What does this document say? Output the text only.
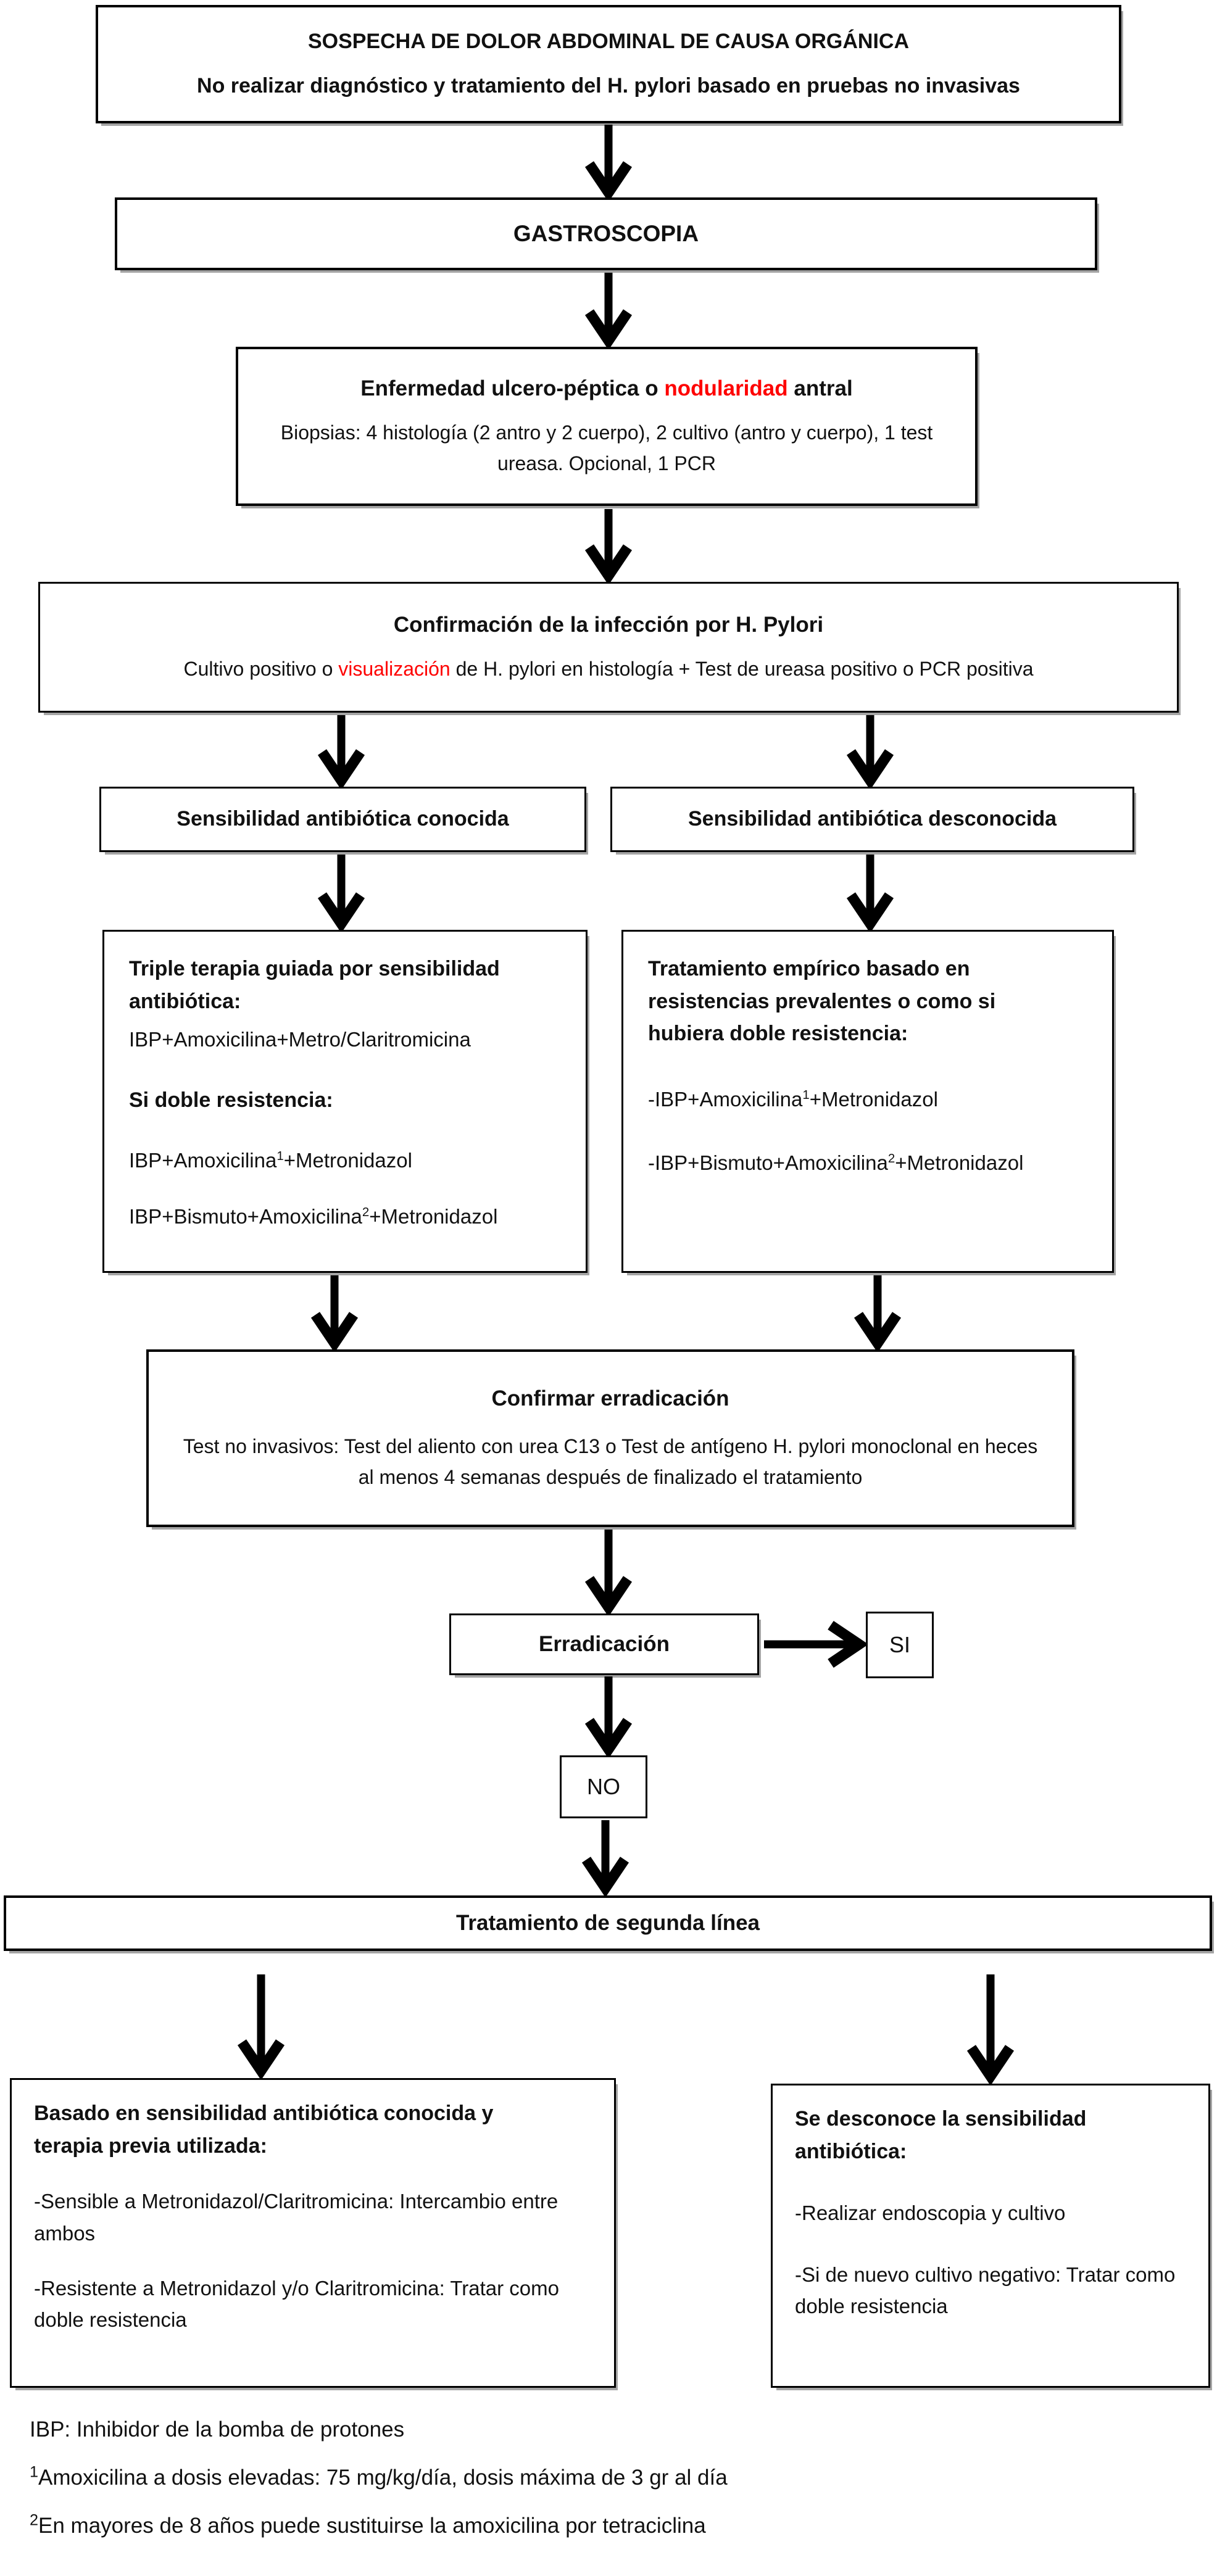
SOSPECHA DE DOLOR ABDOMINAL DE CAUSA ORGÁNICA
No realizar diagnóstico y tratamiento del H. pylori basado en pruebas no invasivas
GASTROSCOPIA
Enfermedad ulcero-péptica o nodularidad antral
Biopsias: 4 histología (2 antro y 2 cuerpo), 2 cultivo (antro y cuerpo), 1 test ureasa. Opcional, 1 PCR
Confirmación de la infección por H. Pylori
Cultivo positivo o visualización de H. pylori en histología + Test de ureasa positivo o PCR positiva
Sensibilidad antibiótica conocida	Sensibilidad antibiótica desconocida
Triple terapia guiada por sensibilidad antibiótica:
IBP+Amoxicilina+Metro/Claritromicina
Si doble resistencia:
IBP+Amoxicilina$^1$+Metronidazol
IBP+Bismuto+Amoxicilina$^2$+Metronidazol
Tratamiento empírico basado en resistencias prevalentes o como si hubiera doble resistencia:
-IBP+Amoxicilina$^1$+Metronidazol
-IBP+Bismuto+Amoxicilina$^2$+Metronidazol
Confirmar erradicación
Test no invasivos: Test del aliento con urea C13 o Test de antígeno H. pylori monoclonal en heces al menos 4 semanas después de finalizado el tratamiento
Erradicación	SI
NO
Tratamiento de segunda línea
Basado en sensibilidad antibiótica conocida y terapia previa utilizada:
-Sensible a Metronidazol/Claritromicina: Intercambio entre ambos
-Resistente a Metronidazol y/o Claritromicina: Tratar como doble resistencia
Se desconoce la sensibilidad antibiótica:
-Realizar endoscopia y cultivo
-Si de nuevo cultivo negativo: Tratar como doble resistencia
IBP: Inhibidor de la bomba de protones
$^1$Amoxicilina a dosis elevadas: 75 mg/kg/día, dosis máxima de 3 gr al día
$^2$En mayores de 8 años puede sustituirse la amoxicilina por tetraciclina
